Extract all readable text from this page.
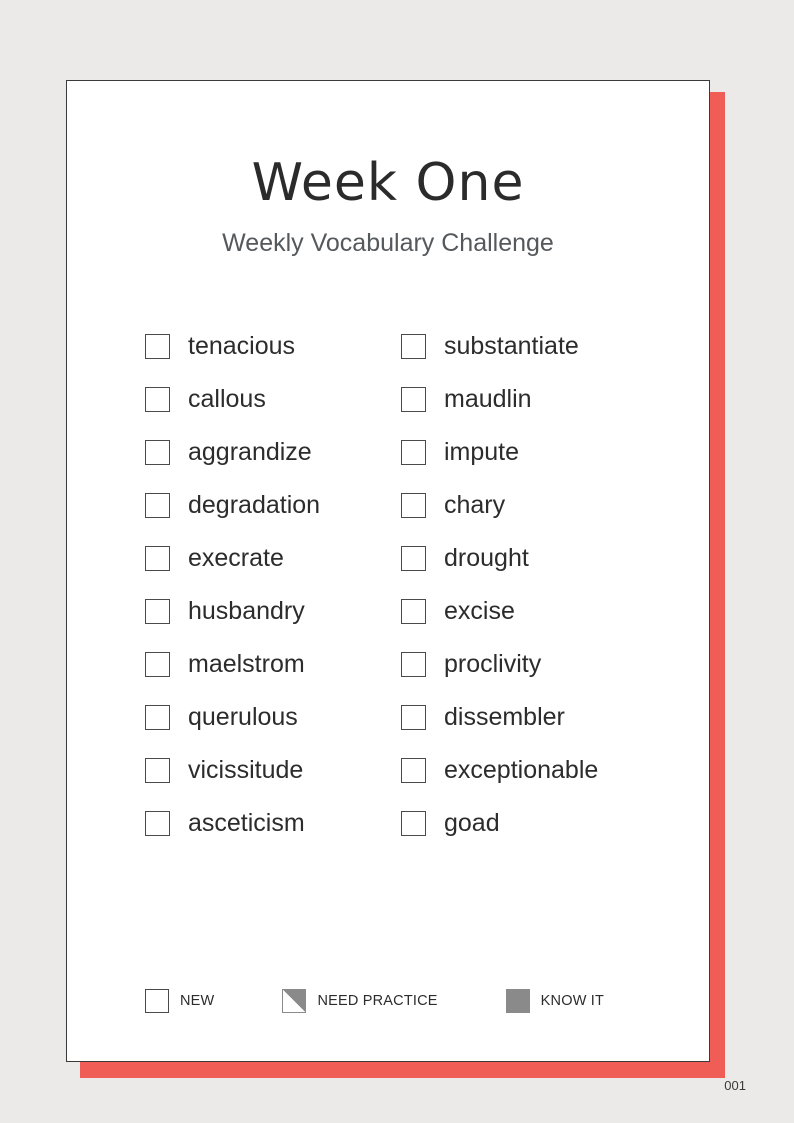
Week One
Weekly Vocabulary Challenge
tenacious	substantiate
callous	maudlin
aggrandize	impute
degradation	chary
execrate	drought
husbandry	excise
maelstrom	proclivity
querulous	dissembler
vicissitude	exceptionable
asceticism	goad
NEW	NEED PRACTICE	KNOW IT
001
